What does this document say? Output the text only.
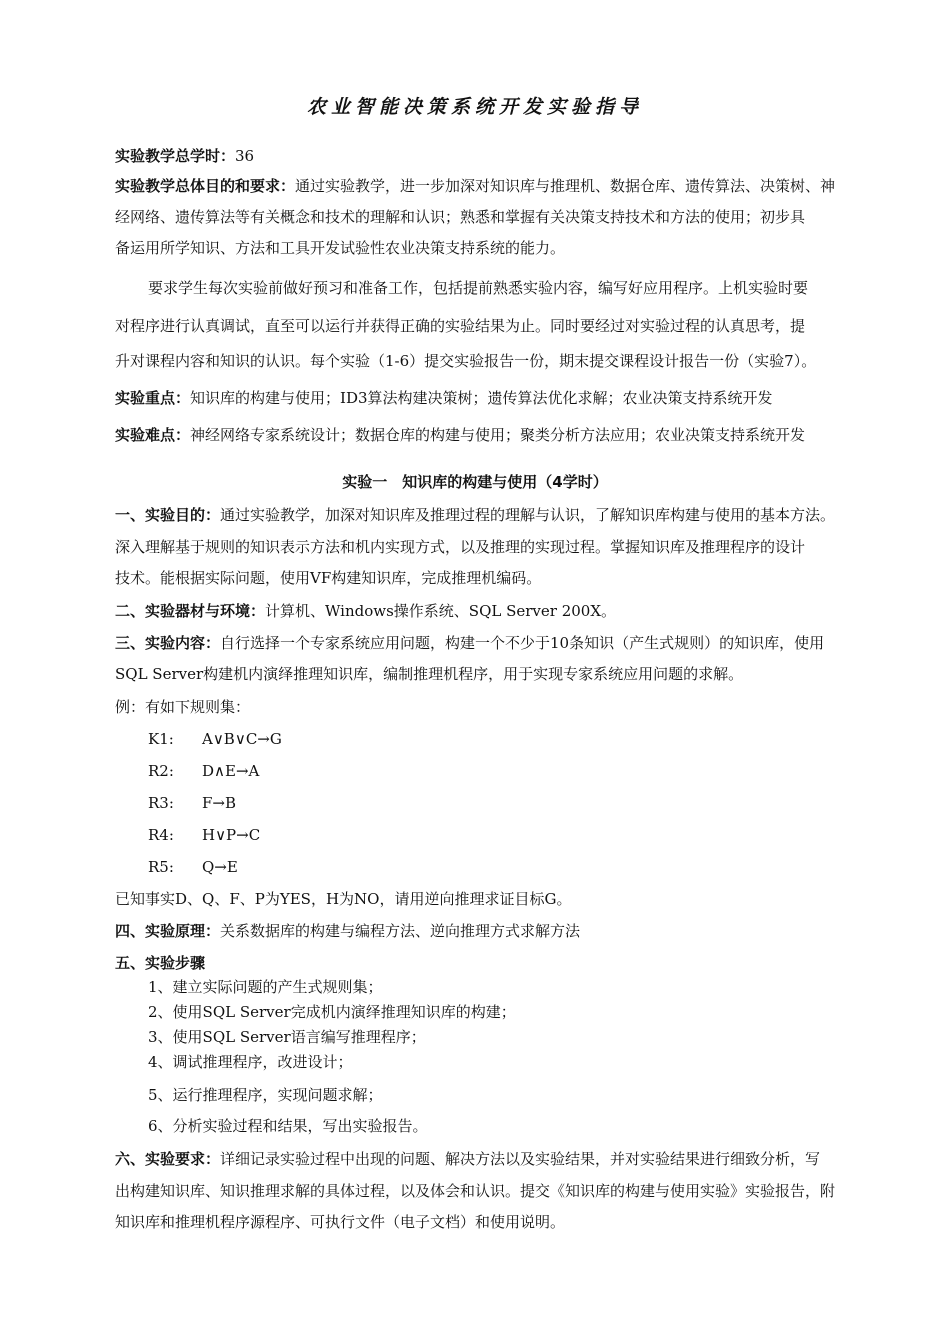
农业智能决策系统开发实验指导
实验教学总学时：36
实验教学总体目的和要求：通过实验教学，进一步加深对知识库与推理机、数据仓库、遗传算法、决策树、神
经网络、遗传算法等有关概念和技术的理解和认识；熟悉和掌握有关决策支持技术和方法的使用；初步具
备运用所学知识、方法和工具开发试验性农业决策支持系统的能力。
要求学生每次实验前做好预习和准备工作，包括提前熟悉实验内容，编写好应用程序。上机实验时要
对程序进行认真调试，直至可以运行并获得正确的实验结果为止。同时要经过对实验过程的认真思考，提
升对课程内容和知识的认识。每个实验（1-6）提交实验报告一份，期末提交课程设计报告一份（实验7）。
实验重点：知识库的构建与使用；ID3算法构建决策树；遗传算法优化求解；农业决策支持系统开发
实验难点：神经网络专家系统设计；数据仓库的构建与使用；聚类分析方法应用；农业决策支持系统开发
实验一　知识库的构建与使用（4学时）
一、实验目的：通过实验教学，加深对知识库及推理过程的理解与认识，了解知识库构建与使用的基本方法。
深入理解基于规则的知识表示方法和机内实现方式，以及推理的实现过程。掌握知识库及推理程序的设计
技术。能根据实际问题，使用VF构建知识库，完成推理机编码。
二、实验器材与环境：计算机、Windows操作系统、SQL Server 200X。
三、实验内容：自行选择一个专家系统应用问题，构建一个不少于10条知识（产生式规则）的知识库，使用
SQL Server构建机内演绎推理知识库，编制推理机程序，用于实现专家系统应用问题的求解。
例：有如下规则集：
K1: A∨B∨C→G
R2: D∧E→A
R3: F→B
R4: H∨P→C
R5: Q→E
已知事实D、Q、F、P为YES，H为NO，请用逆向推理求证目标G。
四、实验原理：关系数据库的构建与编程方法、逆向推理方式求解方法
五、实验步骤
1、建立实际问题的产生式规则集；
2、使用SQL Server完成机内演绎推理知识库的构建；
3、使用SQL Server语言编写推理程序；
4、调试推理程序，改进设计；
5、运行推理程序，实现问题求解；
6、分析实验过程和结果，写出实验报告。
六、实验要求：详细记录实验过程中出现的问题、解决方法以及实验结果，并对实验结果进行细致分析，写
出构建知识库、知识推理求解的具体过程，以及体会和认识。提交《知识库的构建与使用实验》实验报告，附
知识库和推理机程序源程序、可执行文件（电子文档）和使用说明。
